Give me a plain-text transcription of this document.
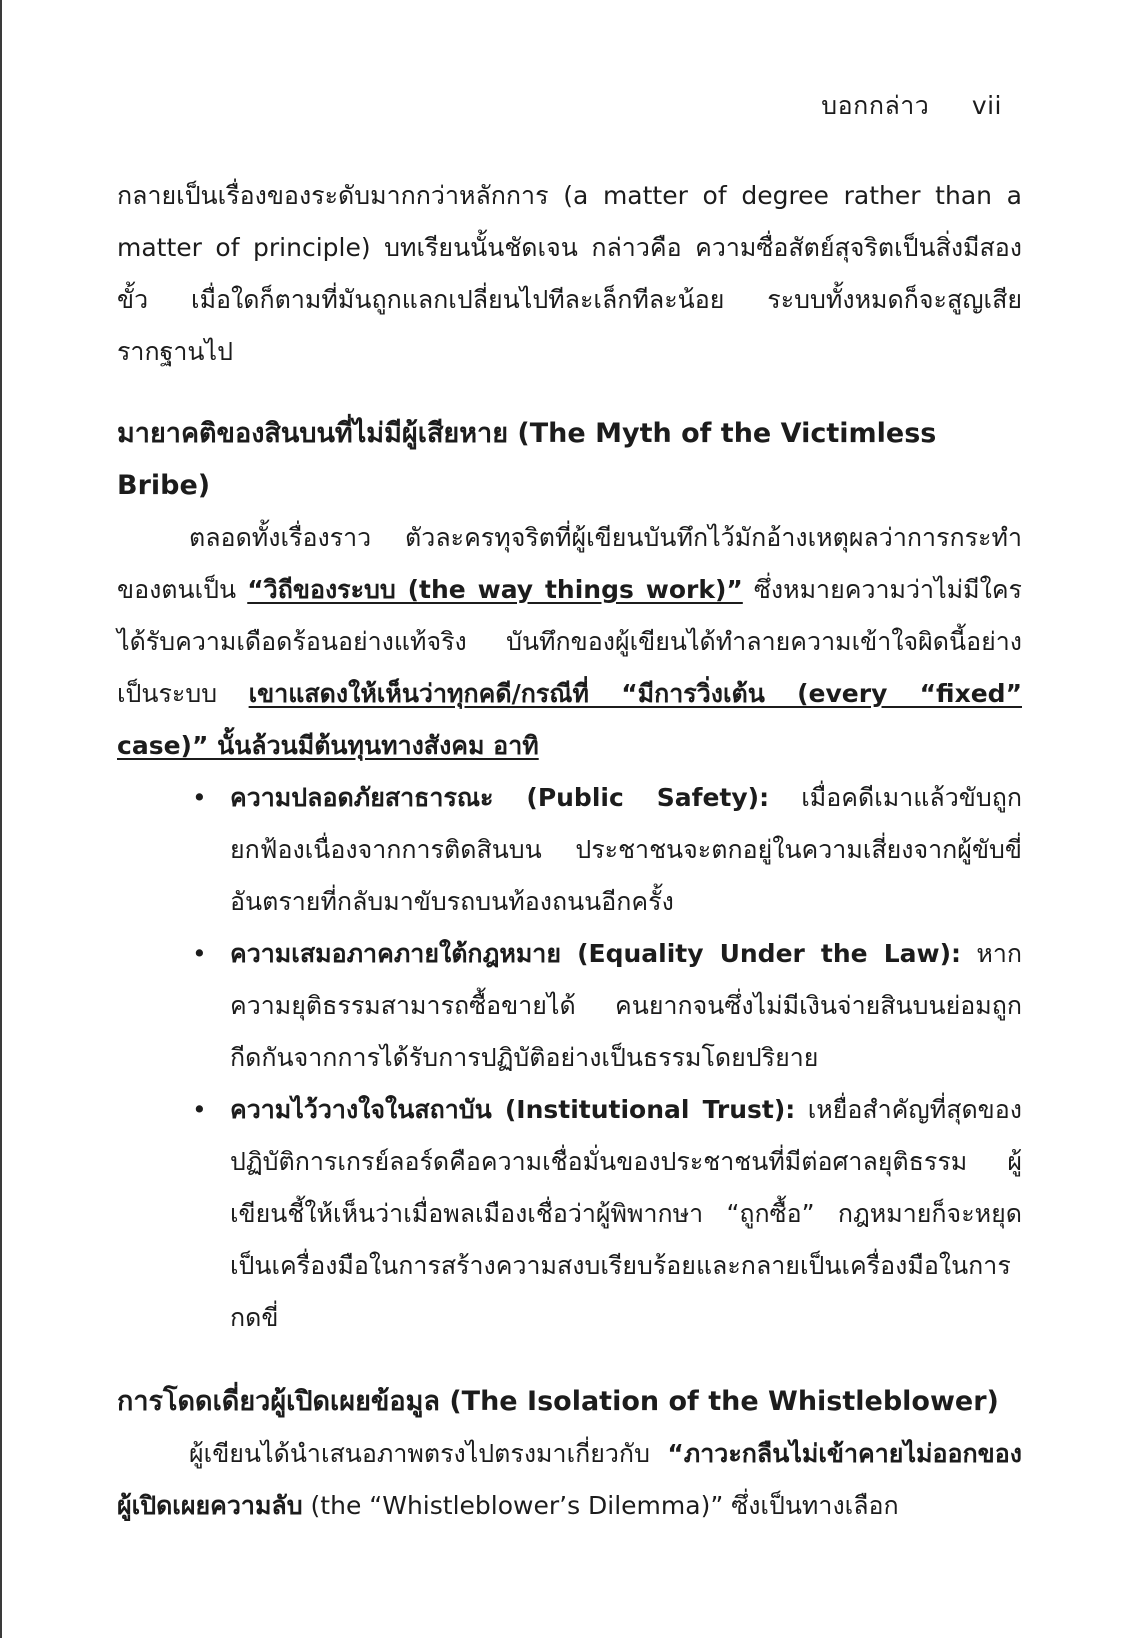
บอกกล่าว vii

กลายเป็นเรื่องของระดับมากกว่าหลักการ (a matter of degree rather than a matter of principle) บทเรียนนั้นชัดเจน กล่าวคือ ความซื่อสัตย์สุจริตเป็นสิ่งมีสองขั้ว เมื่อใดก็ตามที่มันถูกแลกเปลี่ยนไปทีละเล็กทีละน้อย ระบบทั้งหมดก็จะสูญเสียรากฐานไป

มายาคติของสินบนที่ไม่มีผู้เสียหาย (The Myth of the Victimless Bribe)

ตลอดทั้งเรื่องราว ตัวละครทุจริตที่ผู้เขียนบันทึกไว้มักอ้างเหตุผลว่าการกระทำของตนเป็น “วิถีของระบบ (the way things work)” ซึ่งหมายความว่าไม่มีใครได้รับความเดือดร้อนอย่างแท้จริง บันทึกของผู้เขียนได้ทำลายความเข้าใจผิดนี้อย่างเป็นระบบ เขาแสดงให้เห็นว่าทุกคดี/กรณีที่ “มีการวิ่งเต้น (every “fixed” case)” นั้นล้วนมีต้นทุนทางสังคม อาทิ

• ความปลอดภัยสาธารณะ (Public Safety): เมื่อคดีเมาแล้วขับถูกยกฟ้องเนื่องจากการติดสินบน ประชาชนจะตกอยู่ในความเสี่ยงจากผู้ขับขี่อันตรายที่กลับมาขับรถบนท้องถนนอีกครั้ง
• ความเสมอภาคภายใต้กฎหมาย (Equality Under the Law): หากความยุติธรรมสามารถซื้อขายได้ คนยากจนซึ่งไม่มีเงินจ่ายสินบนย่อมถูกกีดกันจากการได้รับการปฏิบัติอย่างเป็นธรรมโดยปริยาย
• ความไว้วางใจในสถาบัน (Institutional Trust): เหยื่อสำคัญที่สุดของปฏิบัติการเกรย์ลอร์ดคือความเชื่อมั่นของประชาชนที่มีต่อศาลยุติธรรม ผู้เขียนชี้ให้เห็นว่าเมื่อพลเมืองเชื่อว่าผู้พิพากษา “ถูกซื้อ” กฎหมายก็จะหยุดเป็นเครื่องมือในการสร้างความสงบเรียบร้อยและกลายเป็นเครื่องมือในการกดขี่
การโดดเดี่ยวผู้เปิดเผยข้อมูล (The Isolation of the Whistleblower)

ผู้เขียนได้นำเสนอภาพตรงไปตรงมาเกี่ยวกับ “ภาวะกลืนไม่เข้าคายไม่ออกของผู้เปิดเผยความลับ (the “Whistleblower’s Dilemma)” ซึ่งเป็นทางเลือก
